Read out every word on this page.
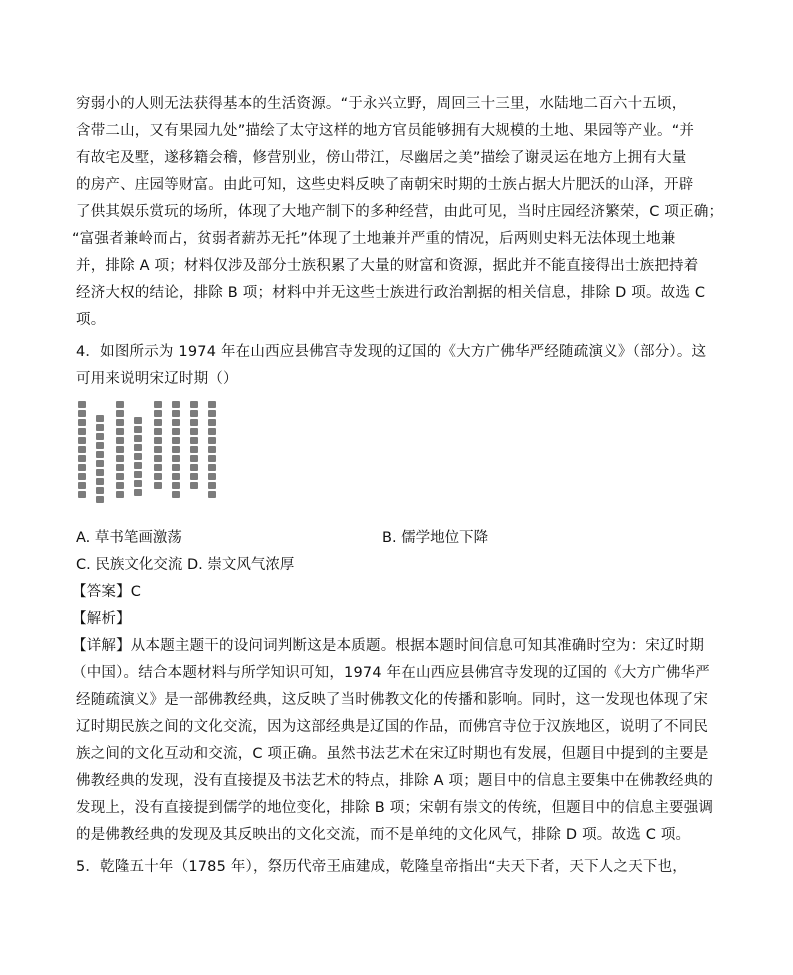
穷弱小的人则无法获得基本的生活资源。“于永兴立野，周回三十三里，水陆地二百六十五顷，
含带二山，又有果园九处”描绘了太守这样的地方官员能够拥有大规模的土地、果园等产业。“并
有故宅及墅，遂移籍会稽，修营别业，傍山带江，尽幽居之美”描绘了谢灵运在地方上拥有大量
的房产、庄园等财富。由此可知，这些史料反映了南朝宋时期的士族占据大片肥沃的山泽，开辟
了供其娱乐赏玩的场所，体现了大地产制下的多种经营，由此可见，当时庄园经济繁荣，C 项正确；
“富强者兼岭而占，贫弱者薪苏无托”体现了土地兼并严重的情况，后两则史料无法体现土地兼
并，排除 A 项；材料仅涉及部分士族积累了大量的财富和资源，据此并不能直接得出士族把持着
经济大权的结论，排除 B 项；材料中并无这些士族进行政治割据的相关信息，排除 D 项。故选 C
项。
4．如图所示为 1974 年在山西应县佛宫寺发现的辽国的《大方广佛华严经随疏演义》（部分）。这
可用来说明宋辽时期（）
A. 草书笔画激荡	B. 儒学地位下降
C. 民族文化交流 D. 崇文风气浓厚
【答案】C
【解析】
【详解】从本题主题干的设问词判断这是本质题。根据本题时间信息可知其准确时空为：宋辽时期
（中国）。结合本题材料与所学知识可知，1974 年在山西应县佛宫寺发现的辽国的《大方广佛华严
经随疏演义》是一部佛教经典，这反映了当时佛教文化的传播和影响。同时，这一发现也体现了宋
辽时期民族之间的文化交流，因为这部经典是辽国的作品，而佛宫寺位于汉族地区，说明了不同民
族之间的文化互动和交流，C 项正确。虽然书法艺术在宋辽时期也有发展，但题目中提到的主要是
佛教经典的发现，没有直接提及书法艺术的特点，排除 A 项；题目中的信息主要集中在佛教经典的
发现上，没有直接提到儒学的地位变化，排除 B 项；宋朝有崇文的传统，但题目中的信息主要强调
的是佛教经典的发现及其反映出的文化交流，而不是单纯的文化风气，排除 D 项。故选 C 项。
5．乾隆五十年（1785 年），祭历代帝王庙建成，乾隆皇帝指出“夫天下者，天下人之天下也，
